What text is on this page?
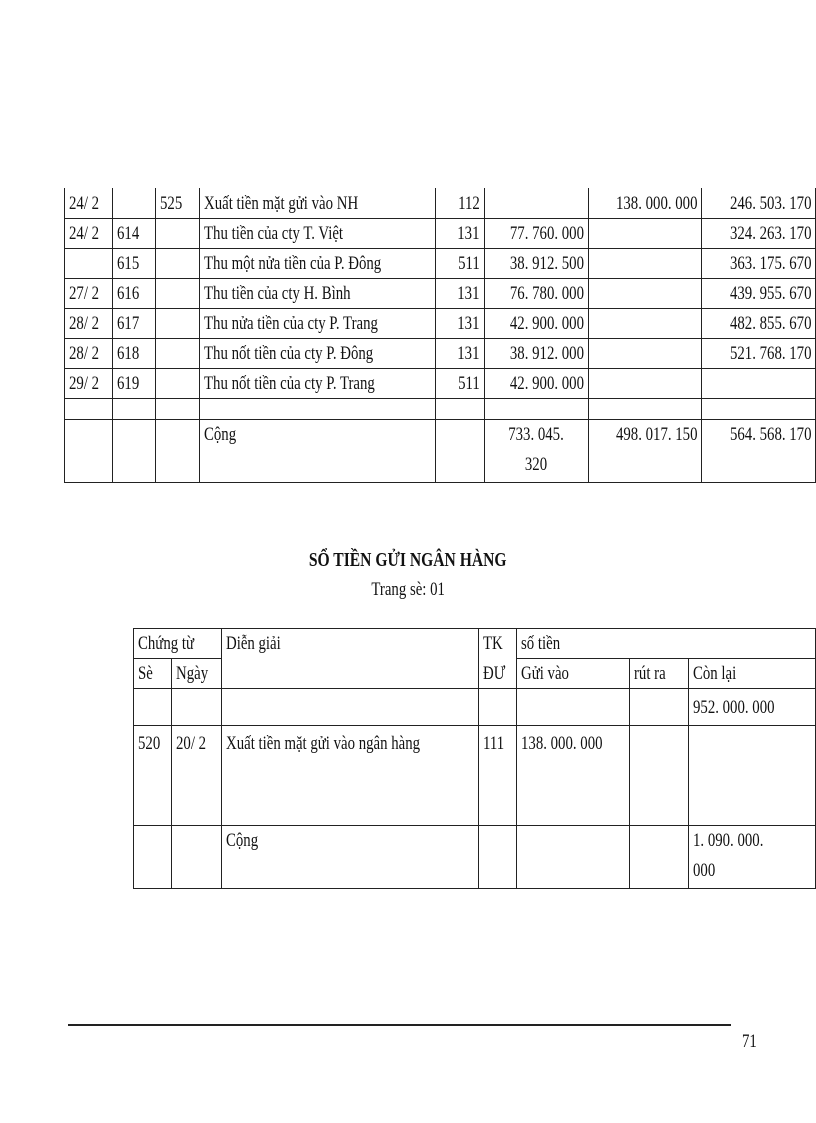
24/ 2		525	Xuất tiền mặt gửi vào NH	112		138. 000. 000	246. 503. 170
24/ 2	614		Thu tiền của cty T. Việt	131	77. 760. 000		324. 263. 170
	615		Thu một nửa tiền của P. Đông	511	38. 912. 500		363. 175. 670
27/ 2	616		Thu tiền của cty H. Bình	131	76. 780. 000		439. 955. 670
28/ 2	617		Thu nửa tiền của cty P. Trang	131	42. 900. 000		482. 855. 670
28/ 2	618		Thu nốt tiền của cty P. Đông	131	38. 912. 000		521. 768. 170
29/ 2	619		Thu nốt tiền của cty P. Trang	511	42. 900. 000		

			Cộng		733. 045. 320	498. 017. 150	564. 568. 170
SỔ TIỀN GỬI NGÂN HÀNG
Trang sè: 01
Chứng từ		Diễn giải	TK	số tiền		
Sè	Ngày		ĐƯ	Gửi vào	rút ra	Còn lại
						952. 000. 000
520	20/ 2	Xuất tiền mặt gửi vào ngân hàng	111	138. 000. 000		
		Cộng				1. 090. 000. 000
71
